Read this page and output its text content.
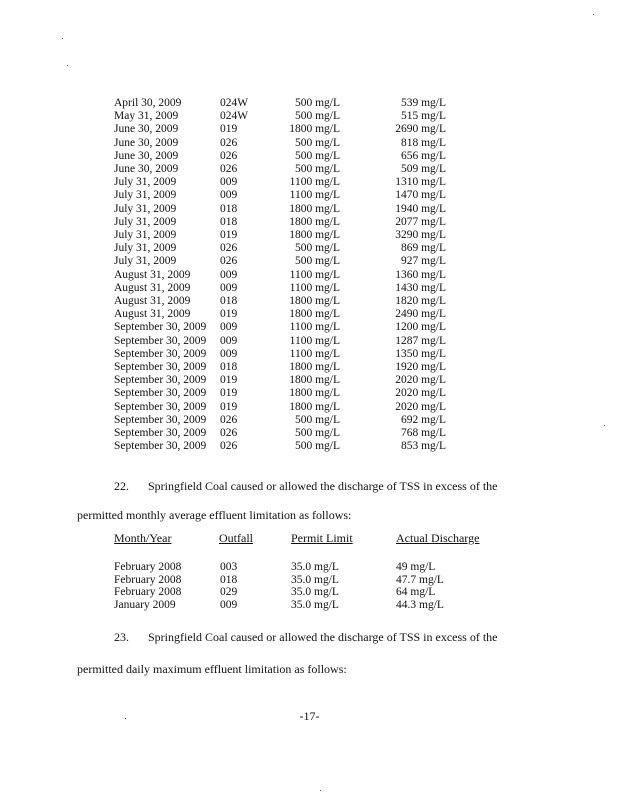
April 30, 2009	024W	500 mg/L	539 mg/L
May 31, 2009	024W	500 mg/L	515 mg/L
June 30, 2009	019	1800 mg/L	2690 mg/L
June 30, 2009	026	500 mg/L	818 mg/L
June 30, 2009	026	500 mg/L	656 mg/L
June 30, 2009	026	500 mg/L	509 mg/L
July 31, 2009	009	1100 mg/L	1310 mg/L
July 31, 2009	009	1100 mg/L	1470 mg/L
July 31, 2009	018	1800 mg/L	1940 mg/L
July 31, 2009	018	1800 mg/L	2077 mg/L
July 31, 2009	019	1800 mg/L	3290 mg/L
July 31, 2009	026	500 mg/L	869 mg/L
July 31, 2009	026	500 mg/L	927 mg/L
August 31, 2009	009	1100 mg/L	1360 mg/L
August 31, 2009	009	1100 mg/L	1430 mg/L
August 31, 2009	018	1800 mg/L	1820 mg/L
August 31, 2009	019	1800 mg/L	2490 mg/L
September 30, 2009 009	1100 mg/L	1200 mg/L
September 30, 2009 009	1100 mg/L	1287 mg/L
September 30, 2009 009	1100 mg/L	1350 mg/L
September 30, 2009 018	1800 mg/L	1920 mg/L
September 30, 2009 019	1800 mg/L	2020 mg/L
September 30, 2009 019	1800 mg/L	2020 mg/L
September 30, 2009 019	1800 mg/L	2020 mg/L
September 30, 2009 026	500 mg/L	692 mg/L
September 30, 2009 026	500 mg/L	768 mg/L
September 30, 2009 026	500 mg/L	853 mg/L
22. Springfield Coal caused or allowed the discharge of TSS in excess of the
permitted monthly average effluent limitation as follows:
Month/Year	Outfall	Permit Limit	Actual Discharge
February 2008	003	35.0 mg/L	49 mg/L
February 2008	018	35.0 mg/L	47.7 mg/L
February 2008	029	35.0 mg/L	64 mg/L
January 2009	009	35.0 mg/L	44.3 mg/L
23. Springfield Coal caused or allowed the discharge of TSS in excess of the
permitted daily maximum effluent limitation as follows:
-17-
